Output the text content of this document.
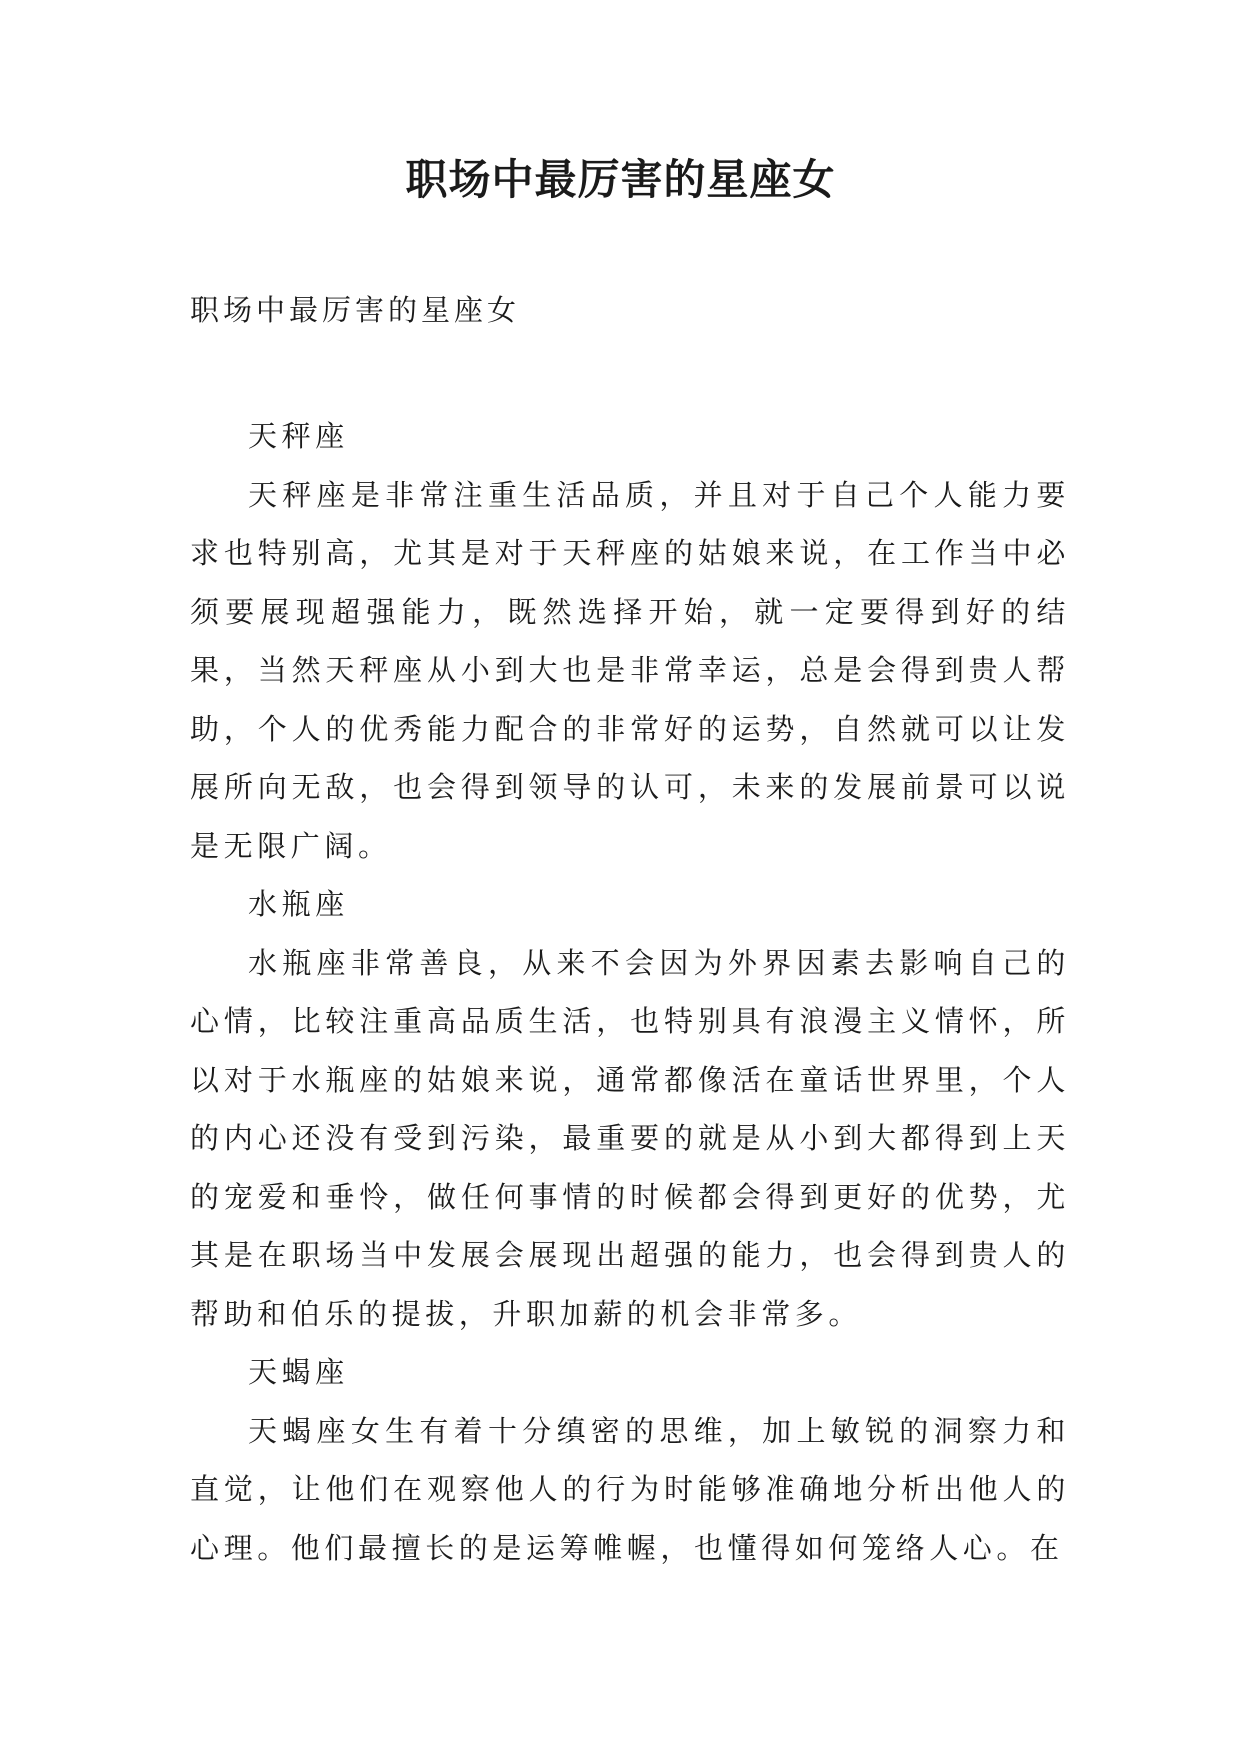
职场中最厉害的星座女

职场中最厉害的星座女

天秤座

天秤座是非常注重生活品质，并且对于自己个人能力要求也特别高，尤其是对于天秤座的姑娘来说，在工作当中必须要展现超强能力，既然选择开始，就一定要得到好的结果，当然天秤座从小到大也是非常幸运，总是会得到贵人帮助，个人的优秀能力配合的非常好的运势，自然就可以让发展所向无敌，也会得到领导的认可，未来的发展前景可以说是无限广阔。

水瓶座

水瓶座非常善良，从来不会因为外界因素去影响自己的心情，比较注重高品质生活，也特别具有浪漫主义情怀，所以对于水瓶座的姑娘来说，通常都像活在童话世界里，个人的内心还没有受到污染，最重要的就是从小到大都得到上天的宠爱和垂怜，做任何事情的时候都会得到更好的优势，尤其是在职场当中发展会展现出超强的能力，也会得到贵人的帮助和伯乐的提拔，升职加薪的机会非常多。

天蝎座

天蝎座女生有着十分缜密的思维，加上敏锐的洞察力和直觉，让他们在观察他人的行为时能够准确地分析出他人的心理。他们最擅长的是运筹帷幄，也懂得如何笼络人心。在
